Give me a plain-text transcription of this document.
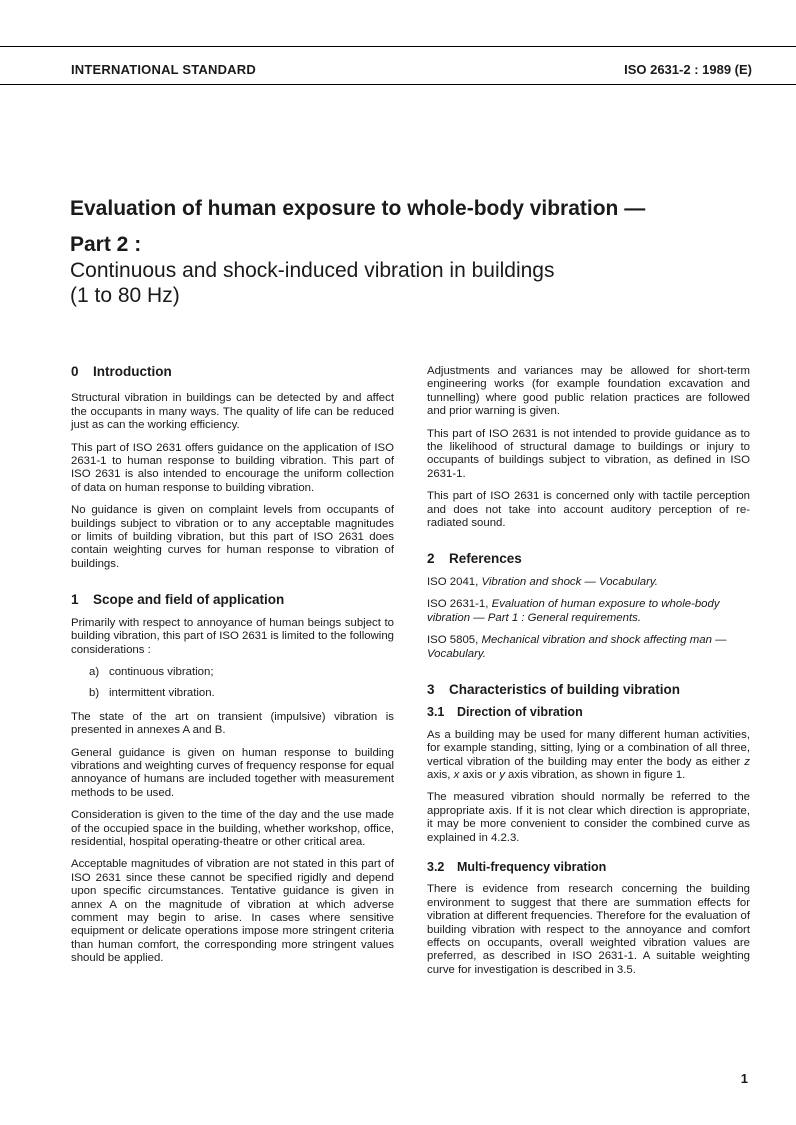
INTERNATIONAL STANDARD	ISO 2631-2 : 1989 (E)

Evaluation of human exposure to whole-body vibration —

Part 2 :

Continuous and shock-induced vibration in buildings

(1 to 80 Hz)

0 Introduction

Structural vibration in buildings can be detected by and affect the occupants in many ways. The quality of life can be reduced just as can the working efficiency.

This part of ISO 2631 offers guidance on the application of ISO 2631-1 to human response to building vibration. This part of ISO 2631 is also intended to encourage the uniform collection of data on human response to building vibration.

No guidance is given on complaint levels from occupants of buildings subject to vibration or to any acceptable magnitudes or limits of building vibration, but this part of ISO 2631 does contain weighting curves for human response to vibration of buildings.

1 Scope and field of application

Primarily with respect to annoyance of human beings subject to building vibration, this part of ISO 2631 is limited to the following considerations :

a) continuous vibration;
b) intermittent vibration.

The state of the art on transient (impulsive) vibration is presented in annexes A and B.

General guidance is given on human response to building vibrations and weighting curves of frequency response for equal annoyance of humans are included together with measurement methods to be used.

Consideration is given to the time of the day and the use made of the occupied space in the building, whether workshop, office, residential, hospital operating-theatre or other critical area.

Acceptable magnitudes of vibration are not stated in this part of ISO 2631 since these cannot be specified rigidly and depend upon specific circumstances. Tentative guidance is given in annex A on the magnitude of vibration at which adverse comment may begin to arise. In cases where sensitive equipment or delicate operations impose more stringent criteria than human comfort, the corresponding more stringent values should be applied.

Adjustments and variances may be allowed for short-term engineering works (for example foundation excavation and tunnelling) where good public relation practices are followed and prior warning is given.

This part of ISO 2631 is not intended to provide guidance as to the likelihood of structural damage to buildings or injury to occupants of buildings subject to vibration, as defined in ISO 2631-1.

This part of ISO 2631 is concerned only with tactile perception and does not take into account auditory perception of re-radiated sound.

2 References

ISO 2041, Vibration and shock — Vocabulary.

ISO 2631-1, Evaluation of human exposure to whole-body vibration — Part 1 : General requirements.

ISO 5805, Mechanical vibration and shock affecting man — Vocabulary.

3 Characteristics of building vibration
3.1 Direction of vibration

As a building may be used for many different human activities, for example standing, sitting, lying or a combination of all three, vertical vibration of the building may enter the body as either z axis, x axis or y axis vibration, as shown in figure 1.

The measured vibration should normally be referred to the appropriate axis. If it is not clear which direction is appropriate, it may be more convenient to consider the combined curve as explained in 4.2.3.

3.2 Multi-frequency vibration

There is evidence from research concerning the building environment to suggest that there are summation effects for vibration at different frequencies. Therefore for the evaluation of building vibration with respect to the annoyance and comfort effects on occupants, overall weighted vibration values are preferred, as described in ISO 2631-1. A suitable weighting curve for investigation is described in 3.5.

1
